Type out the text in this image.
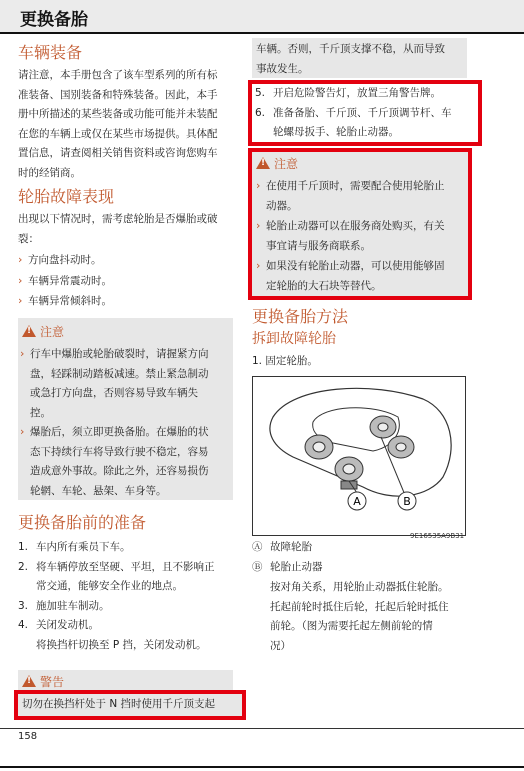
更换备胎
车辆装备
请注意，本手册包含了该车型系列的所有标
准装备、国别装备和特殊装备。因此，本手
册中所描述的某些装备或功能可能并未装配
在您的车辆上或仅在某些市场提供。具体配
置信息，请查阅相关销售资料或咨询您购车
时的经销商。
轮胎故障表现
出现以下情况时，需考虑轮胎是否爆胎或破
裂：
› 方向盘抖动时。
› 车辆异常震动时。
› 车辆异常倾斜时。
!注意
› 行车中爆胎或轮胎破裂时，请握紧方向
盘，轻踩制动踏板减速。禁止紧急制动
或急打方向盘，否则容易导致车辆失
控。
› 爆胎后，须立即更换备胎。在爆胎的状
态下持续行车将导致行驶不稳定，容易
造成意外事故。除此之外，还容易损伤
轮辋、车轮、悬架、车身等。
更换备胎前的准备
1. 车内所有乘员下车。
2. 将车辆停放至坚硬、平坦，且不影响正
常交通，能够安全作业的地点。
3. 施加驻车制动。
4. 关闭发动机。
将换挡杆切换至 P 挡，关闭发动机。
!警告
切勿在换挡杆处于 N 挡时使用千斤顶支起
车辆。否则，千斤顶支撑不稳，从而导致
事故发生。
5. 开启危险警告灯，放置三角警告牌。
6. 准备备胎、千斤顶、千斤顶调节杆、车
轮螺母扳手、轮胎止动器。
!注意
› 在使用千斤顶时，需要配合使用轮胎止
动器。
› 轮胎止动器可以在服务商处购买，有关
事宜请与服务商联系。
› 如果没有轮胎止动器，可以使用能够固
定轮胎的大石块等替代。
更换备胎方法
拆卸故障轮胎
1. 固定轮胎。
A	B
9E16535A9B31
Ⓐ 故障轮胎
Ⓑ 轮胎止动器
按对角关系，用轮胎止动器抵住轮胎。
托起前轮时抵住后轮，托起后轮时抵住
前轮。（图为需要托起左侧前轮的情
况）
158
